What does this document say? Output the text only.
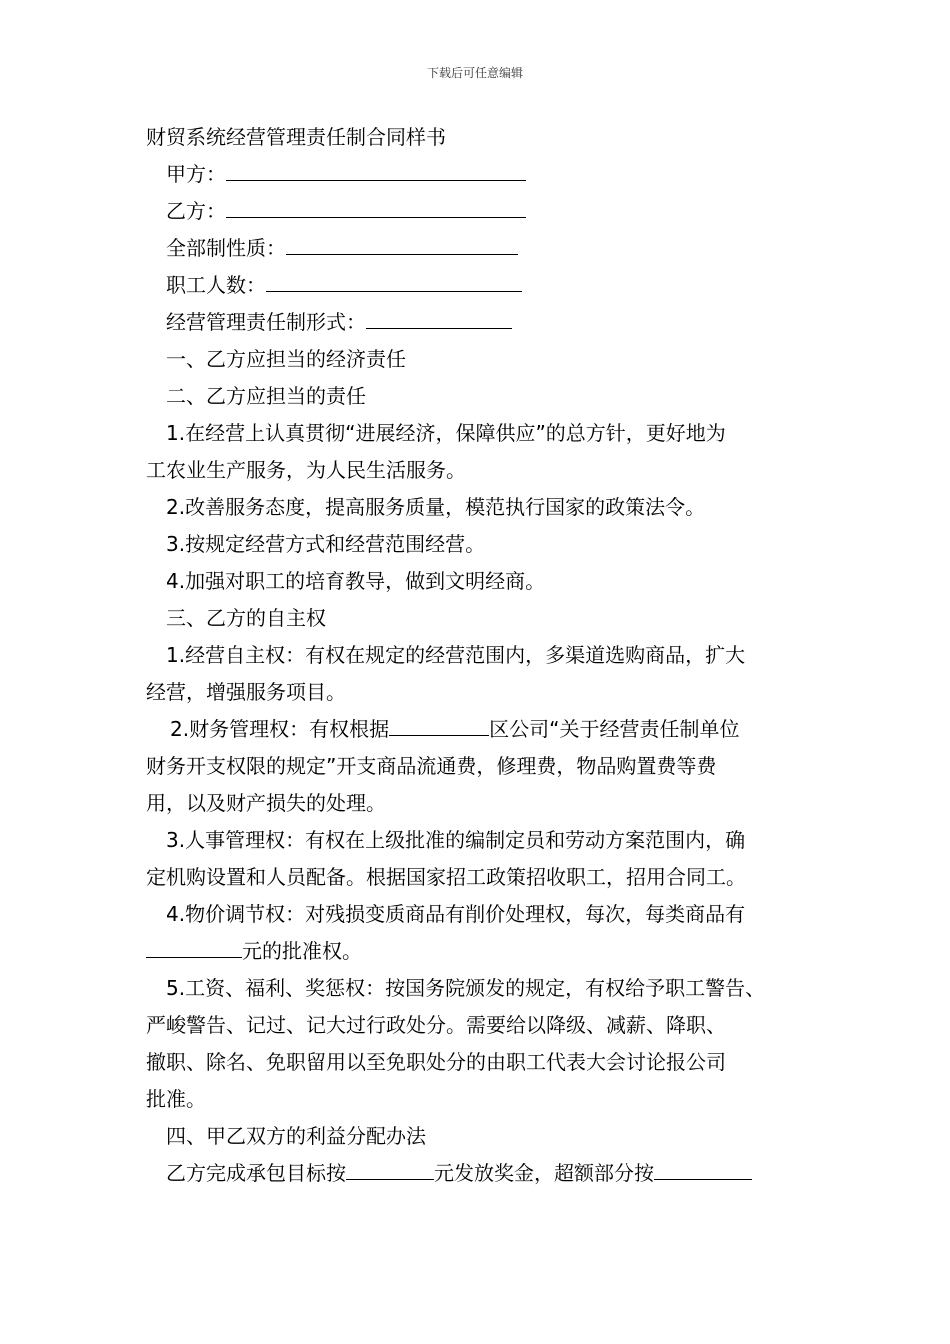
下载后可任意编辑
财贸系统经营管理责任制合同样书
甲方：
乙方：
全部制性质：
职工人数：
经营管理责任制形式：
一、乙方应担当的经济责任
二、乙方应担当的责任
1.在经营上认真贯彻“进展经济，保障供应”的总方针，更好地为
工农业生产服务，为人民生活服务。
2.改善服务态度，提高服务质量，模范执行国家的政策法令。
3.按规定经营方式和经营范围经营。
4.加强对职工的培育教导，做到文明经商。
三、乙方的自主权
1.经营自主权：有权在规定的经营范围内，多渠道选购商品，扩大
经营，增强服务项目。
2.财务管理权：有权根据	区公司“关于经营责任制单位
财务开支权限的规定”开支商品流通费，修理费，物品购置费等费
用，以及财产损失的处理。
3.人事管理权：有权在上级批准的编制定员和劳动方案范围内，确
定机购设置和人员配备。根据国家招工政策招收职工，招用合同工。
4.物价调节权：对残损变质商品有削价处理权，每次，每类商品有
元的批准权。
5.工资、福利、奖惩权：按国务院颁发的规定，有权给予职工警告、
严峻警告、记过、记大过行政处分。需要给以降级、减薪、降职、
撤职、除名、免职留用以至免职处分的由职工代表大会讨论报公司
批准。
四、甲乙双方的利益分配办法
乙方完成承包目标按	元发放奖金，超额部分按
